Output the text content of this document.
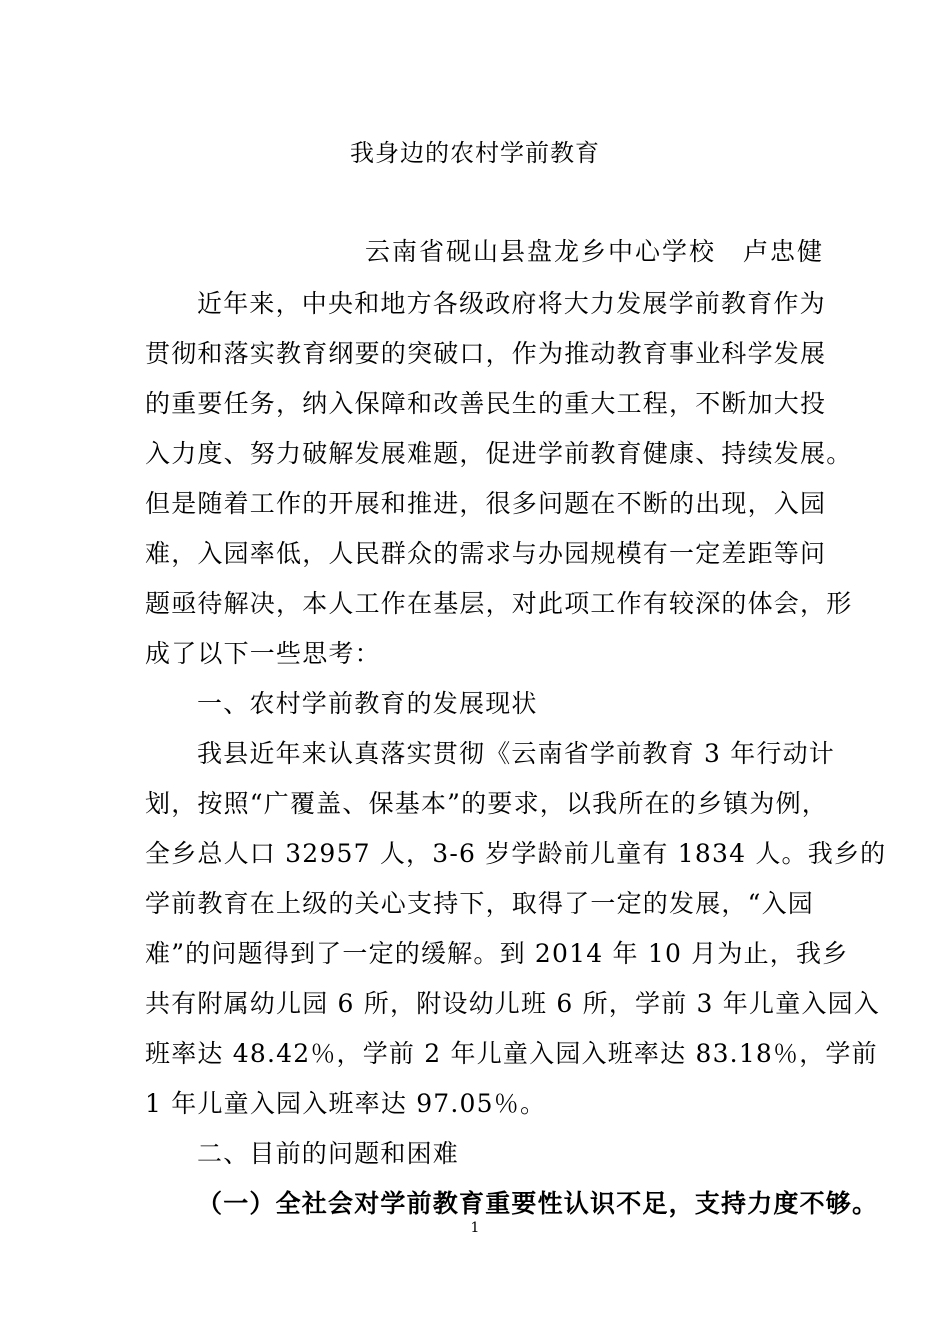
我身边的农村学前教育
云南省砚山县盘龙乡中心学校　卢忠健
近年来，中央和地方各级政府将大力发展学前教育作为
贯彻和落实教育纲要的突破口，作为推动教育事业科学发展
的重要任务，纳入保障和改善民生的重大工程，不断加大投
入力度、努力破解发展难题，促进学前教育健康、持续发展。
但是随着工作的开展和推进，很多问题在不断的出现，入园
难，入园率低，人民群众的需求与办园规模有一定差距等问
题亟待解决，本人工作在基层，对此项工作有较深的体会，形
成了以下一些思考：
一、农村学前教育的发展现状
我县近年来认真落实贯彻《云南省学前教育 3 年行动计
划，按照“广覆盖、保基本”的要求，以我所在的乡镇为例，
全乡总人口 32957 人，3-6 岁学龄前儿童有 1834 人。我乡的
学前教育在上级的关心支持下，取得了一定的发展，“入园
难”的问题得到了一定的缓解。到 2014 年 10 月为止，我乡
共有附属幼儿园 6 所，附设幼儿班 6 所，学前 3 年儿童入园入
班率达 48.42％，学前 2 年儿童入园入班率达 83.18％，学前
1 年儿童入园入班率达 97.05％。
二、目前的问题和困难
（一）全社会对学前教育重要性认识不足，支持力度不够。
1
